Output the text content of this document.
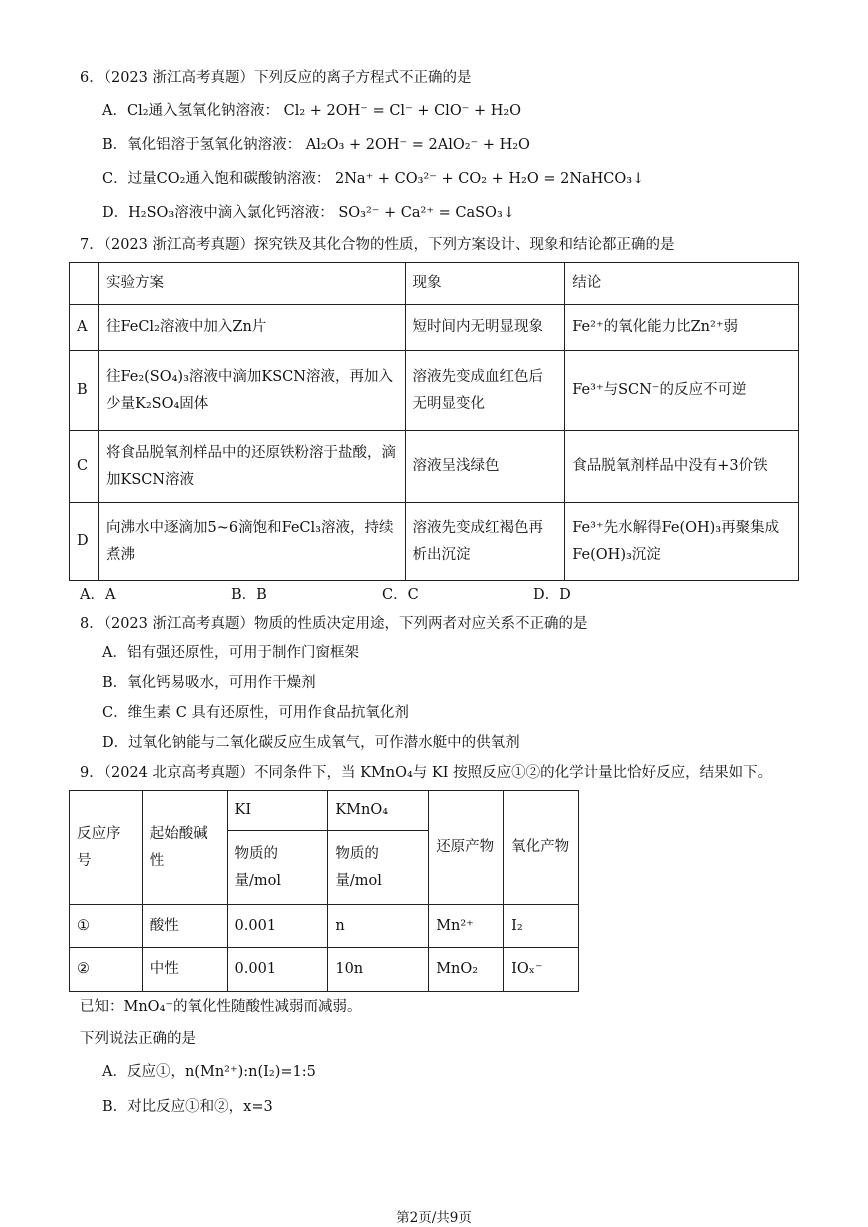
6．（2023 浙江高考真题）下列反应的离子方程式不正确的是
A．Cl₂通入氢氧化钠溶液： Cl₂ + 2OH⁻ = Cl⁻ + ClO⁻ + H₂O
B．氧化铝溶于氢氧化钠溶液： Al₂O₃ + 2OH⁻ = 2AlO₂⁻ + H₂O
C．过量CO₂通入饱和碳酸钠溶液： 2Na⁺ + CO₃²⁻ + CO₂ + H₂O = 2NaHCO₃↓
D．H₂SO₃溶液中滴入氯化钙溶液： SO₃²⁻ + Ca²⁺ = CaSO₃↓
7．（2023 浙江高考真题）探究铁及其化合物的性质，下列方案设计、现象和结论都正确的是
	实验方案	现象	结论
A	往FeCl₂溶液中加入Zn片	短时间内无明显现象	Fe²⁺的氧化能力比Zn²⁺弱
B	往Fe₂(SO₄)₃溶液中滴加KSCN溶液，再加入少量K₂SO₄固体	溶液先变成血红色后无明显变化	Fe³⁺与SCN⁻的反应不可逆
C	将食品脱氧剂样品中的还原铁粉溶于盐酸，滴加KSCN溶液	溶液呈浅绿色	食品脱氧剂样品中没有+3价铁
D	向沸水中逐滴加5~6滴饱和FeCl₃溶液，持续煮沸	溶液先变成红褐色再析出沉淀	Fe³⁺先水解得Fe(OH)₃再聚集成Fe(OH)₃沉淀
A．A	B．B	C．C	D．D
8．（2023 浙江高考真题）物质的性质决定用途，下列两者对应关系不正确的是
A．铝有强还原性，可用于制作门窗框架
B．氧化钙易吸水，可用作干燥剂
C．维生素 C 具有还原性，可用作食品抗氧化剂
D．过氧化钠能与二氧化碳反应生成氧气，可作潜水艇中的供氧剂
9．（2024 北京高考真题）不同条件下，当 KMnO₄与 KI 按照反应①②的化学计量比恰好反应，结果如下。
反应序号	起始酸碱性	KI	KMnO₄	还原产物	氧化产物
		物质的量/mol	物质的量/mol		
①	酸性	0.001	n	Mn²⁺	I₂
②	中性	0.001	10n	MnO₂	IOₓ⁻
已知：MnO₄⁻的氧化性随酸性减弱而减弱。
下列说法正确的是
A．反应①，n(Mn²⁺):n(I₂)=1:5
B．对比反应①和②，x=3
第2页/共9页
